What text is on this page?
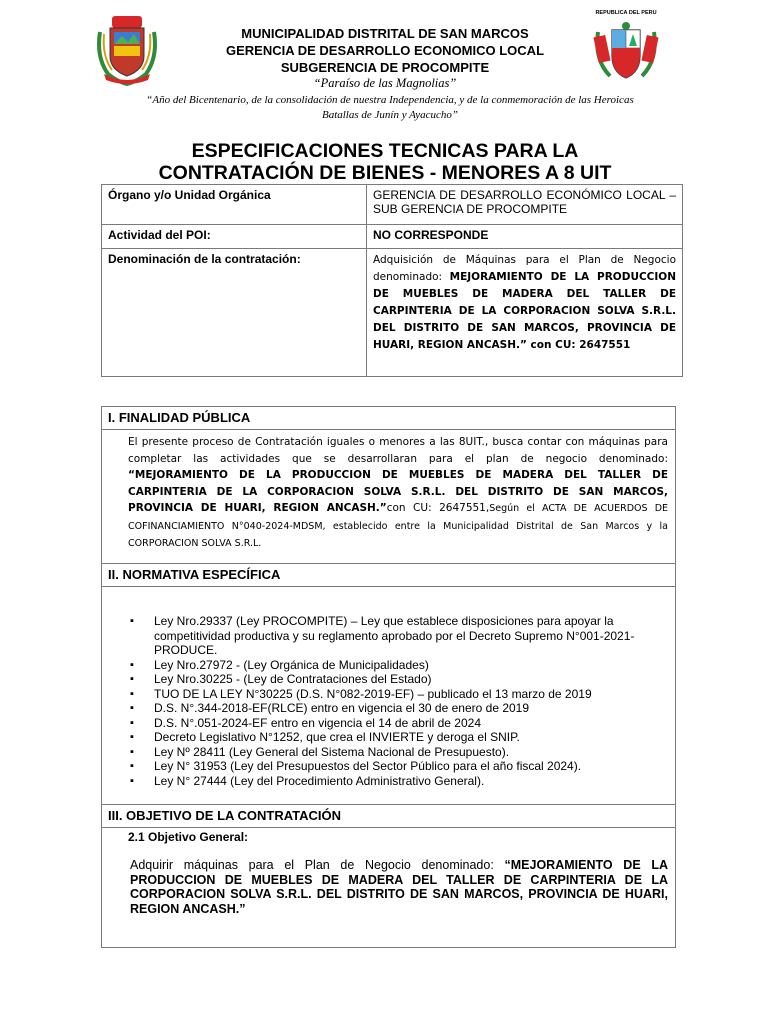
REPUBLICA DEL PERU
MUNICIPALIDAD DISTRITAL DE SAN MARCOS
GERENCIA DE DESARROLLO ECONOMICO LOCAL
SUBGERENCIA DE PROCOMPITE
“Paraíso de las Magnolias”
“Año del Bicentenario, de la consolidación de nuestra Independencia, y de la conmemoración de las Heroicas
Batallas de Junín y Ayacucho”
ESPECIFICACIONES TECNICAS PARA LA
CONTRATACIÓN DE BIENES - MENORES A 8 UIT
Órgano y/o Unidad Orgánica	GERENCIA DE DESARROLLO ECONÓMICO LOCAL – SUB GERENCIA DE PROCOMPITE
Actividad del POI:	NO CORRESPONDE
Denominación de la contratación:	Adquisición de Máquinas para el Plan de Negocio denominado: MEJORAMIENTO DE LA PRODUCCION DE MUEBLES DE MADERA DEL TALLER DE CARPINTERIA DE LA CORPORACION SOLVA S.R.L. DEL DISTRITO DE SAN MARCOS, PROVINCIA DE HUARI, REGION ANCASH.” con CU: 2647551
I. FINALIDAD PÚBLICA
El presente proceso de Contratación iguales o menores a las 8UIT., busca contar con máquinas para completar las actividades que se desarrollaran para el plan de negocio denominado: “MEJORAMIENTO DE LA PRODUCCION DE MUEBLES DE MADERA DEL TALLER DE CARPINTERIA DE LA CORPORACION SOLVA S.R.L. DEL DISTRITO DE SAN MARCOS, PROVINCIA DE HUARI, REGION ANCASH.”con CU: 2647551,Según el ACTA DE ACUERDOS DE COFINANCIAMIENTO N°040-2024-MDSM, establecido entre la Municipalidad Distrital de San Marcos y la CORPORACION SOLVA S.R.L.
II. NORMATIVA ESPECÍFICA
▪ Ley Nro.29337 (Ley PROCOMPITE) – Ley que establece disposiciones para apoyar la competitividad productiva y su reglamento aprobado por el Decreto Supremo N°001-2021-PRODUCE.
▪ Ley Nro.27972 - (Ley Orgánica de Municipalidades)
▪ Ley Nro.30225 - (Ley de Contrataciones del Estado)
▪ TUO DE LA LEY N°30225 (D.S. N°082-2019-EF) – publicado el 13 marzo de 2019
▪ D.S. N°.344-2018-EF(RLCE) entro en vigencia el 30 de enero de 2019
▪ D.S. N°.051-2024-EF entro en vigencia el 14 de abril de 2024
▪ Decreto Legislativo N°1252, que crea el INVIERTE y deroga el SNIP.
▪ Ley Nº 28411 (Ley General del Sistema Nacional de Presupuesto).
▪ Ley N° 31953 (Ley del Presupuestos del Sector Público para el año fiscal 2024).
▪ Ley N° 27444 (Ley del Procedimiento Administrativo General).
III. OBJETIVO DE LA CONTRATACIÓN
2.1 Objetivo General:
Adquirir máquinas para el Plan de Negocio denominado: “MEJORAMIENTO DE LA PRODUCCION DE MUEBLES DE MADERA DEL TALLER DE CARPINTERIA DE LA CORPORACION SOLVA S.R.L. DEL DISTRITO DE SAN MARCOS, PROVINCIA DE HUARI, REGION ANCASH.”
